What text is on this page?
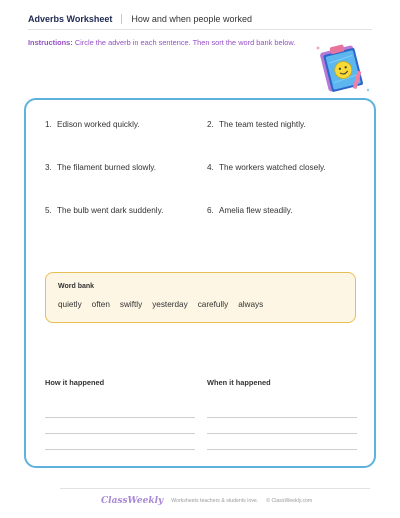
Adverbs Worksheet How and when people worked
Instructions: Circle the adverb in each sentence. Then sort the word bank below.
1. Edison worked quickly.	2. The team tested nightly.
3. The filament burned slowly.	4. The workers watched closely.
5. The bulb went dark suddenly.	6. Amelia flew steadily.
Word bank
quietly often swiftly yesterday carefully always
How it happened	When it happened
ClassWeekly Worksheets teachers & students love. © ClassWeekly.com
